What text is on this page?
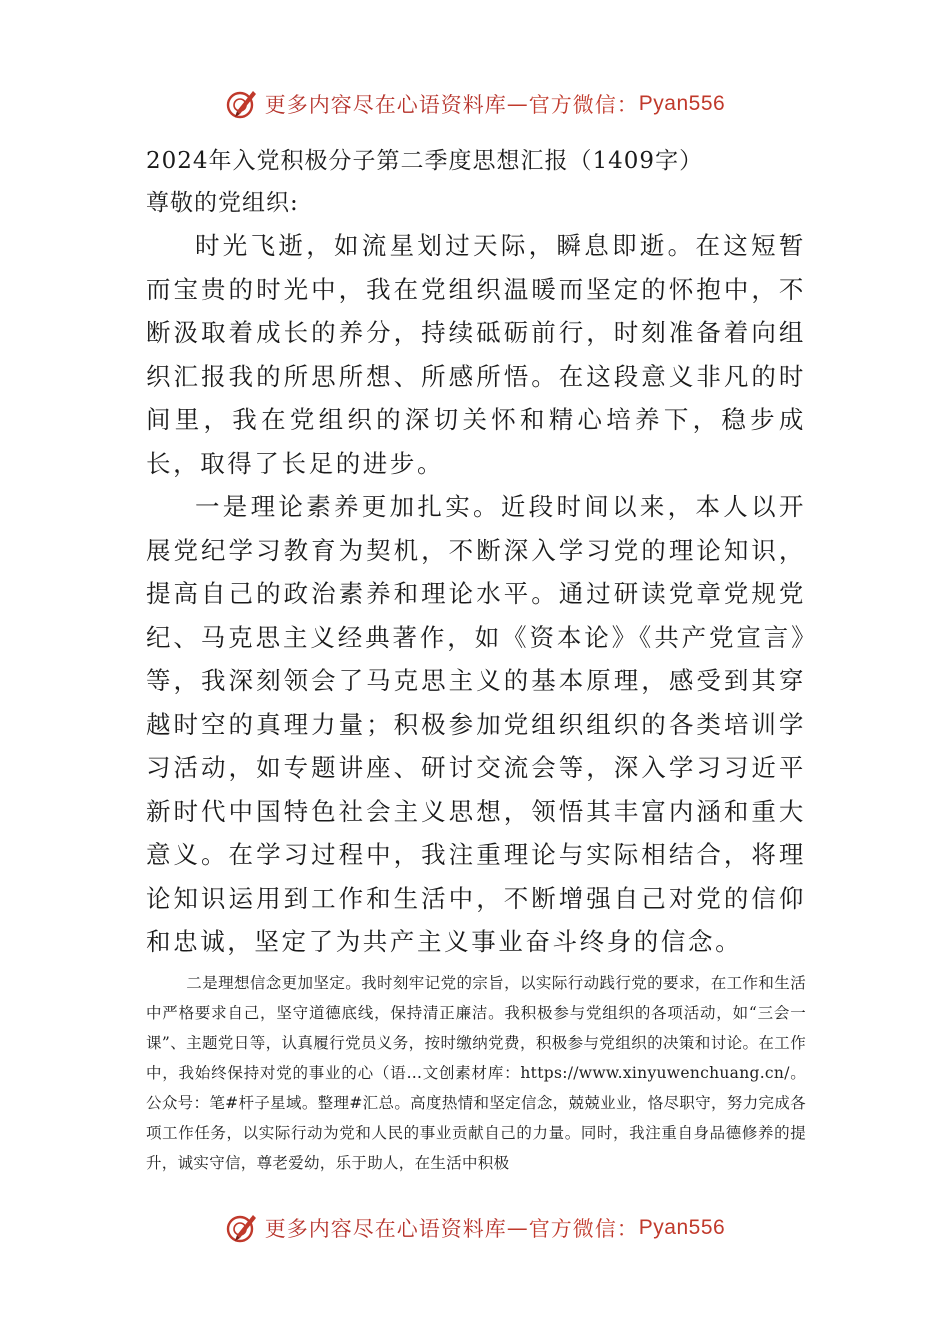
更多内容尽在心语资料库 — 官方微信： Pyan556

2024年入党积极分子第二季度思想汇报（1409字）

尊敬的党组织:

时光飞逝，如流星划过天际，瞬息即逝。在这短暂而宝贵的时光中，我在党组织温暖而坚定的怀抱中，不断汲取着成长的养分，持续砥砺前行，时刻准备着向组织汇报我的所思所想、所感所悟。在这段意义非凡的时间里，我在党组织的深切关怀和精心培养下，稳步成长，取得了长足的进步。

一是理论素养更加扎实。近段时间以来，本人以开展党纪学习教育为契机，不断深入学习党的理论知识，提高自己的政治素养和理论水平。通过研读党章党规党纪、马克思主义经典著作，如《资本论》《共产党宣言》等，我深刻领会了马克思主义的基本原理，感受到其穿越时空的真理力量；积极参加党组织组织的各类培训学习活动，如专题讲座、研讨交流会等，深入学习习近平新时代中国特色社会主义思想，领悟其丰富内涵和重大意义。在学习过程中，我注重理论与实际相结合，将理论知识运用到工作和生活中，不断增强自己对党的信仰和忠诚，坚定了为共产主义事业奋斗终身的信念。

二是理想信念更加坚定。我时刻牢记党的宗旨，以实际行动践行党的要求，在工作和生活中严格要求自己，坚守道德底线，保持清正廉洁。我积极参与党组织的各项活动，如“三会一课”、主题党日等，认真履行党员义务，按时缴纳党费，积极参与党组织的决策和讨论。在工作中，我始终保持对党的事业的心（语…文创素材库：https://www.xinyuwenchuang.cn/。公众号：笔#杆子星域。整理#汇总。高度热情和坚定信念，兢兢业业，恪尽职守，努力完成各项工作任务，以实际行动为党和人民的事业贡献自己的力量。同时，我注重自身品德修养的提升，诚实守信，尊老爱幼，乐于助人，在生活中积极

更多内容尽在心语资料库 — 官方微信： Pyan556
